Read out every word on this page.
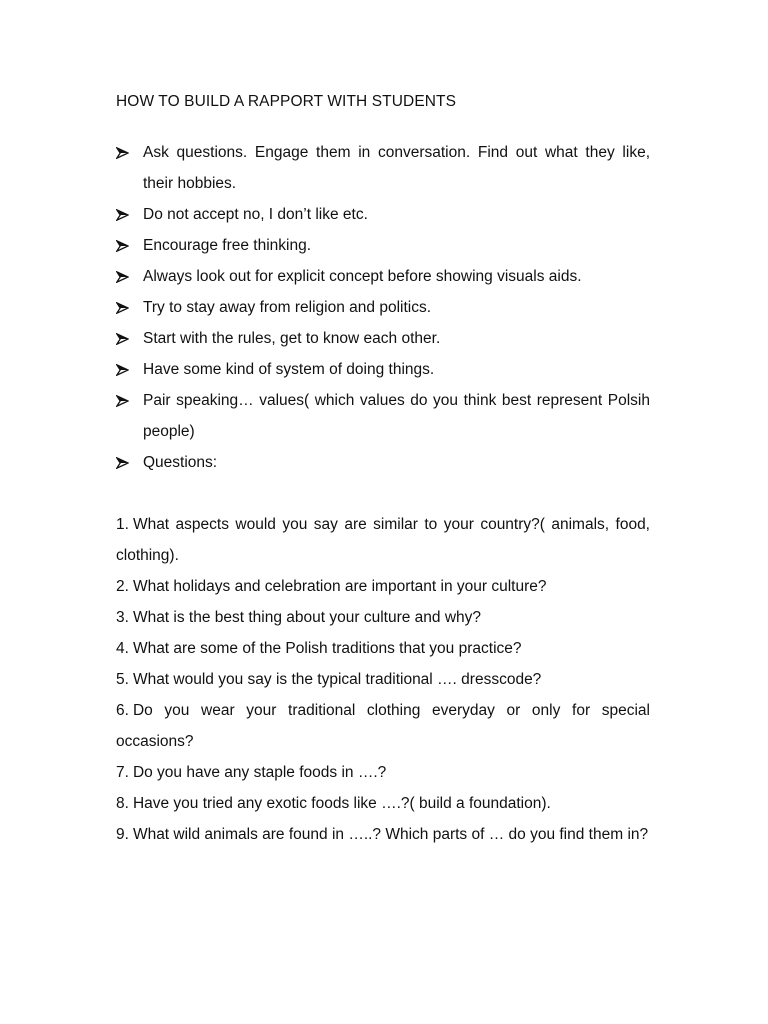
HOW TO BUILD A RAPPORT WITH STUDENTS
Ask questions. Engage them in conversation. Find out what they like, their hobbies.
Do not accept no, I don’t like etc.
Encourage free thinking.
Always look out for explicit concept before showing visuals aids.
Try to stay away from religion and politics.
Start with the rules, get to know each other.
Have some kind of system of doing things.
Pair speaking… values( which values do you think best represent Polsih people)
Questions:
1. What aspects would you say are similar to your country?( animals, food, clothing).
2. What holidays and celebration are important in your culture?
3. What is the best thing about your culture and why?
4. What are some of the Polish traditions that you practice?
5. What would you say is the typical traditional …. dresscode?
6. Do you wear your traditional clothing everyday or only for special occasions?
7. Do you have any staple foods in ….?
8. Have you tried any exotic foods like ….?( build a foundation).
9. What wild animals are found in …..? Which parts of … do you find them in?
